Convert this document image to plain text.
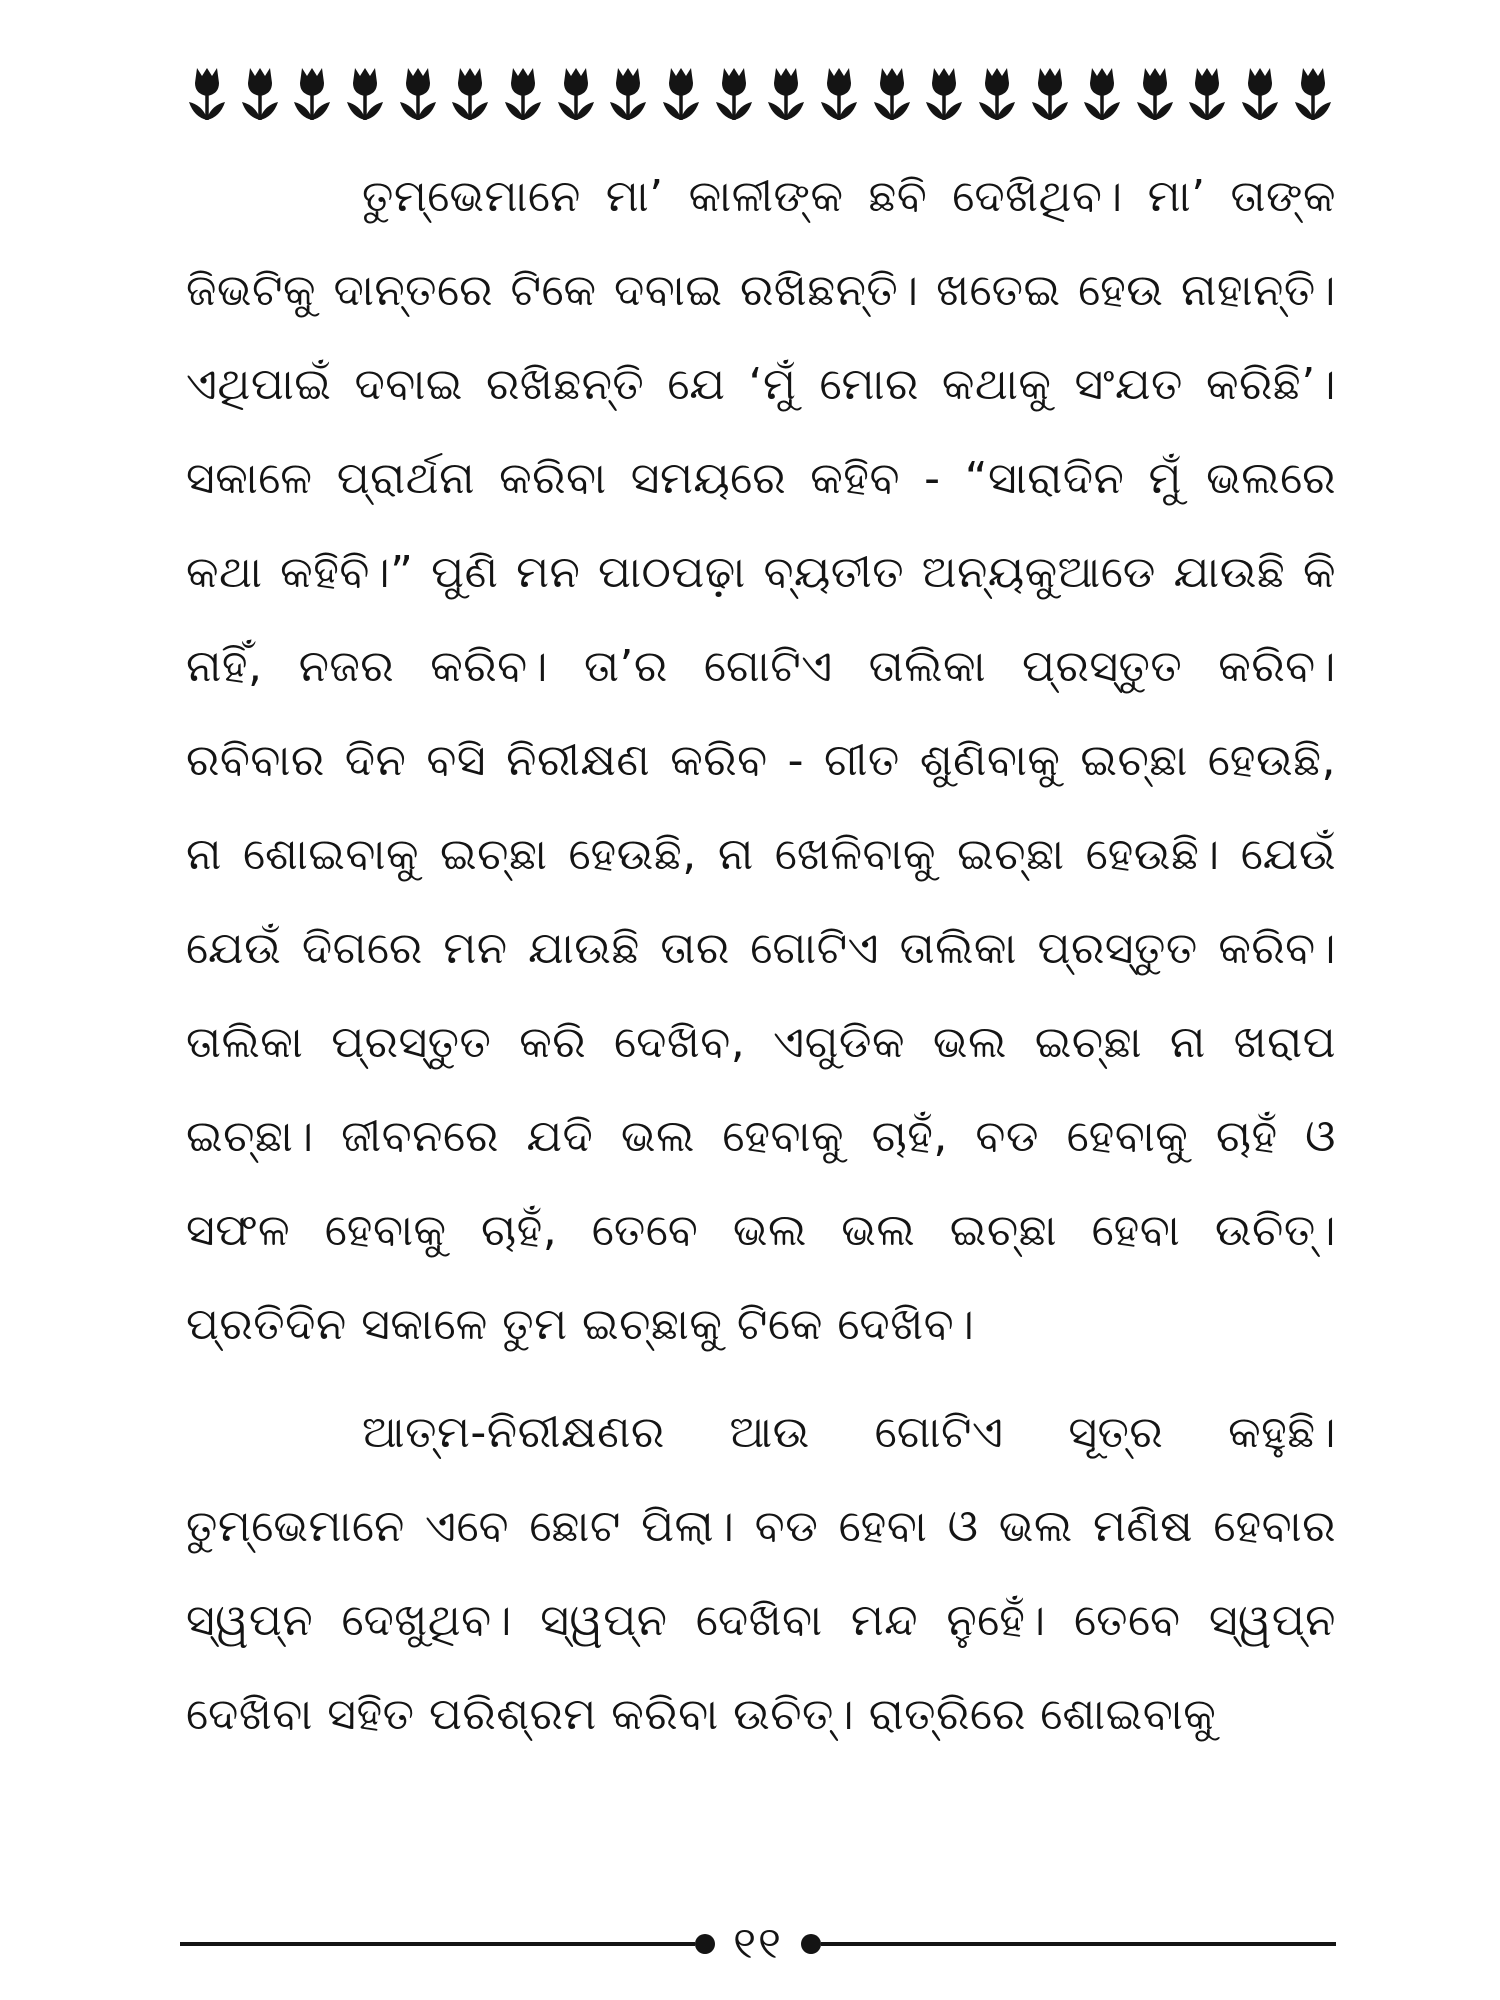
ତୁମ୍ଭେମାନେ ମା’ କାଳୀଙ୍କ ଛବି ଦେଖିଥିବ। ମା’ ତାଙ୍କ ଜିଭଟିକୁ ଦାନ୍ତରେ ଟିକେ ଦବାଇ ରଖିଛନ୍ତି। ଖତେଇ ହେଉ ନାହାନ୍ତି। ଏଥିପାଇଁ ଦବାଇ ରଖିଛନ୍ତି ଯେ ‘ମୁଁ ମୋର କଥାକୁ ସଂଯତ କରିଛି’। ସକାଳେ ପ୍ରାର୍ଥନା କରିବା ସମୟରେ କହିବ - “ସାରାଦିନ ମୁଁ ଭଲରେ କଥା କହିବି।” ପୁଣି ମନ ପାଠପଢ଼ା ବ୍ୟତୀତ ଅନ୍ୟକୁଆଡେ ଯାଉଛି କି ନାହିଁ, ନଜର କରିବ। ତା’ର ଗୋଟିଏ ତାଲିକା ପ୍ରସ୍ତୁତ କରିବ। ରବିବାର ଦିନ ବସି ନିରୀକ୍ଷଣ କରିବ - ଗୀତ ଶୁଣିବାକୁ ଇଚ୍ଛା ହେଉଛି, ନା ଶୋଇବାକୁ ଇଚ୍ଛା ହେଉଛି, ନା ଖେଳିବାକୁ ଇଚ୍ଛା ହେଉଛି। ଯେଉଁ ଯେଉଁ ଦିଗରେ ମନ ଯାଉଛି ତାର ଗୋଟିଏ ତାଲିକା ପ୍ରସ୍ତୁତ କରିବ। ତାଲିକା ପ୍ରସ୍ତୁତ କରି ଦେଖିବ, ଏଗୁଡିକ ଭଲ ଇଚ୍ଛା ନା ଖରାପ ଇଚ୍ଛା। ଜୀବନରେ ଯଦି ଭଲ ହେବାକୁ ଚାହଁ, ବଡ ହେବାକୁ ଚାହଁ ଓ ସଫଳ ହେବାକୁ ଚାହଁ, ତେବେ ଭଲ ଭଲ ଇଚ୍ଛା ହେବା ଉଚିତ୍। ପ୍ରତିଦିନ ସକାଳେ ତୁମ ଇଚ୍ଛାକୁ ଟିକେ ଦେଖିବ।

ଆତ୍ମ-ନିରୀକ୍ଷଣର ଆଉ ଗୋଟିଏ ସୂତ୍ର କହୁଛି। ତୁମ୍ଭେମାନେ ଏବେ ଛୋଟ ପିଲା। ବଡ ହେବା ଓ ଭଲ ମଣିଷ ହେବାର ସ୍ୱପ୍ନ ଦେଖୁଥିବ। ସ୍ୱପ୍ନ ଦେଖିବା ମନ୍ଦ ନୁହେଁ। ତେବେ ସ୍ୱପ୍ନ ଦେଖିବା ସହିତ ପରିଶ୍ରମ କରିବା ଉଚିତ୍। ରାତ୍ରିରେ ଶୋଇବାକୁ

୧୧
